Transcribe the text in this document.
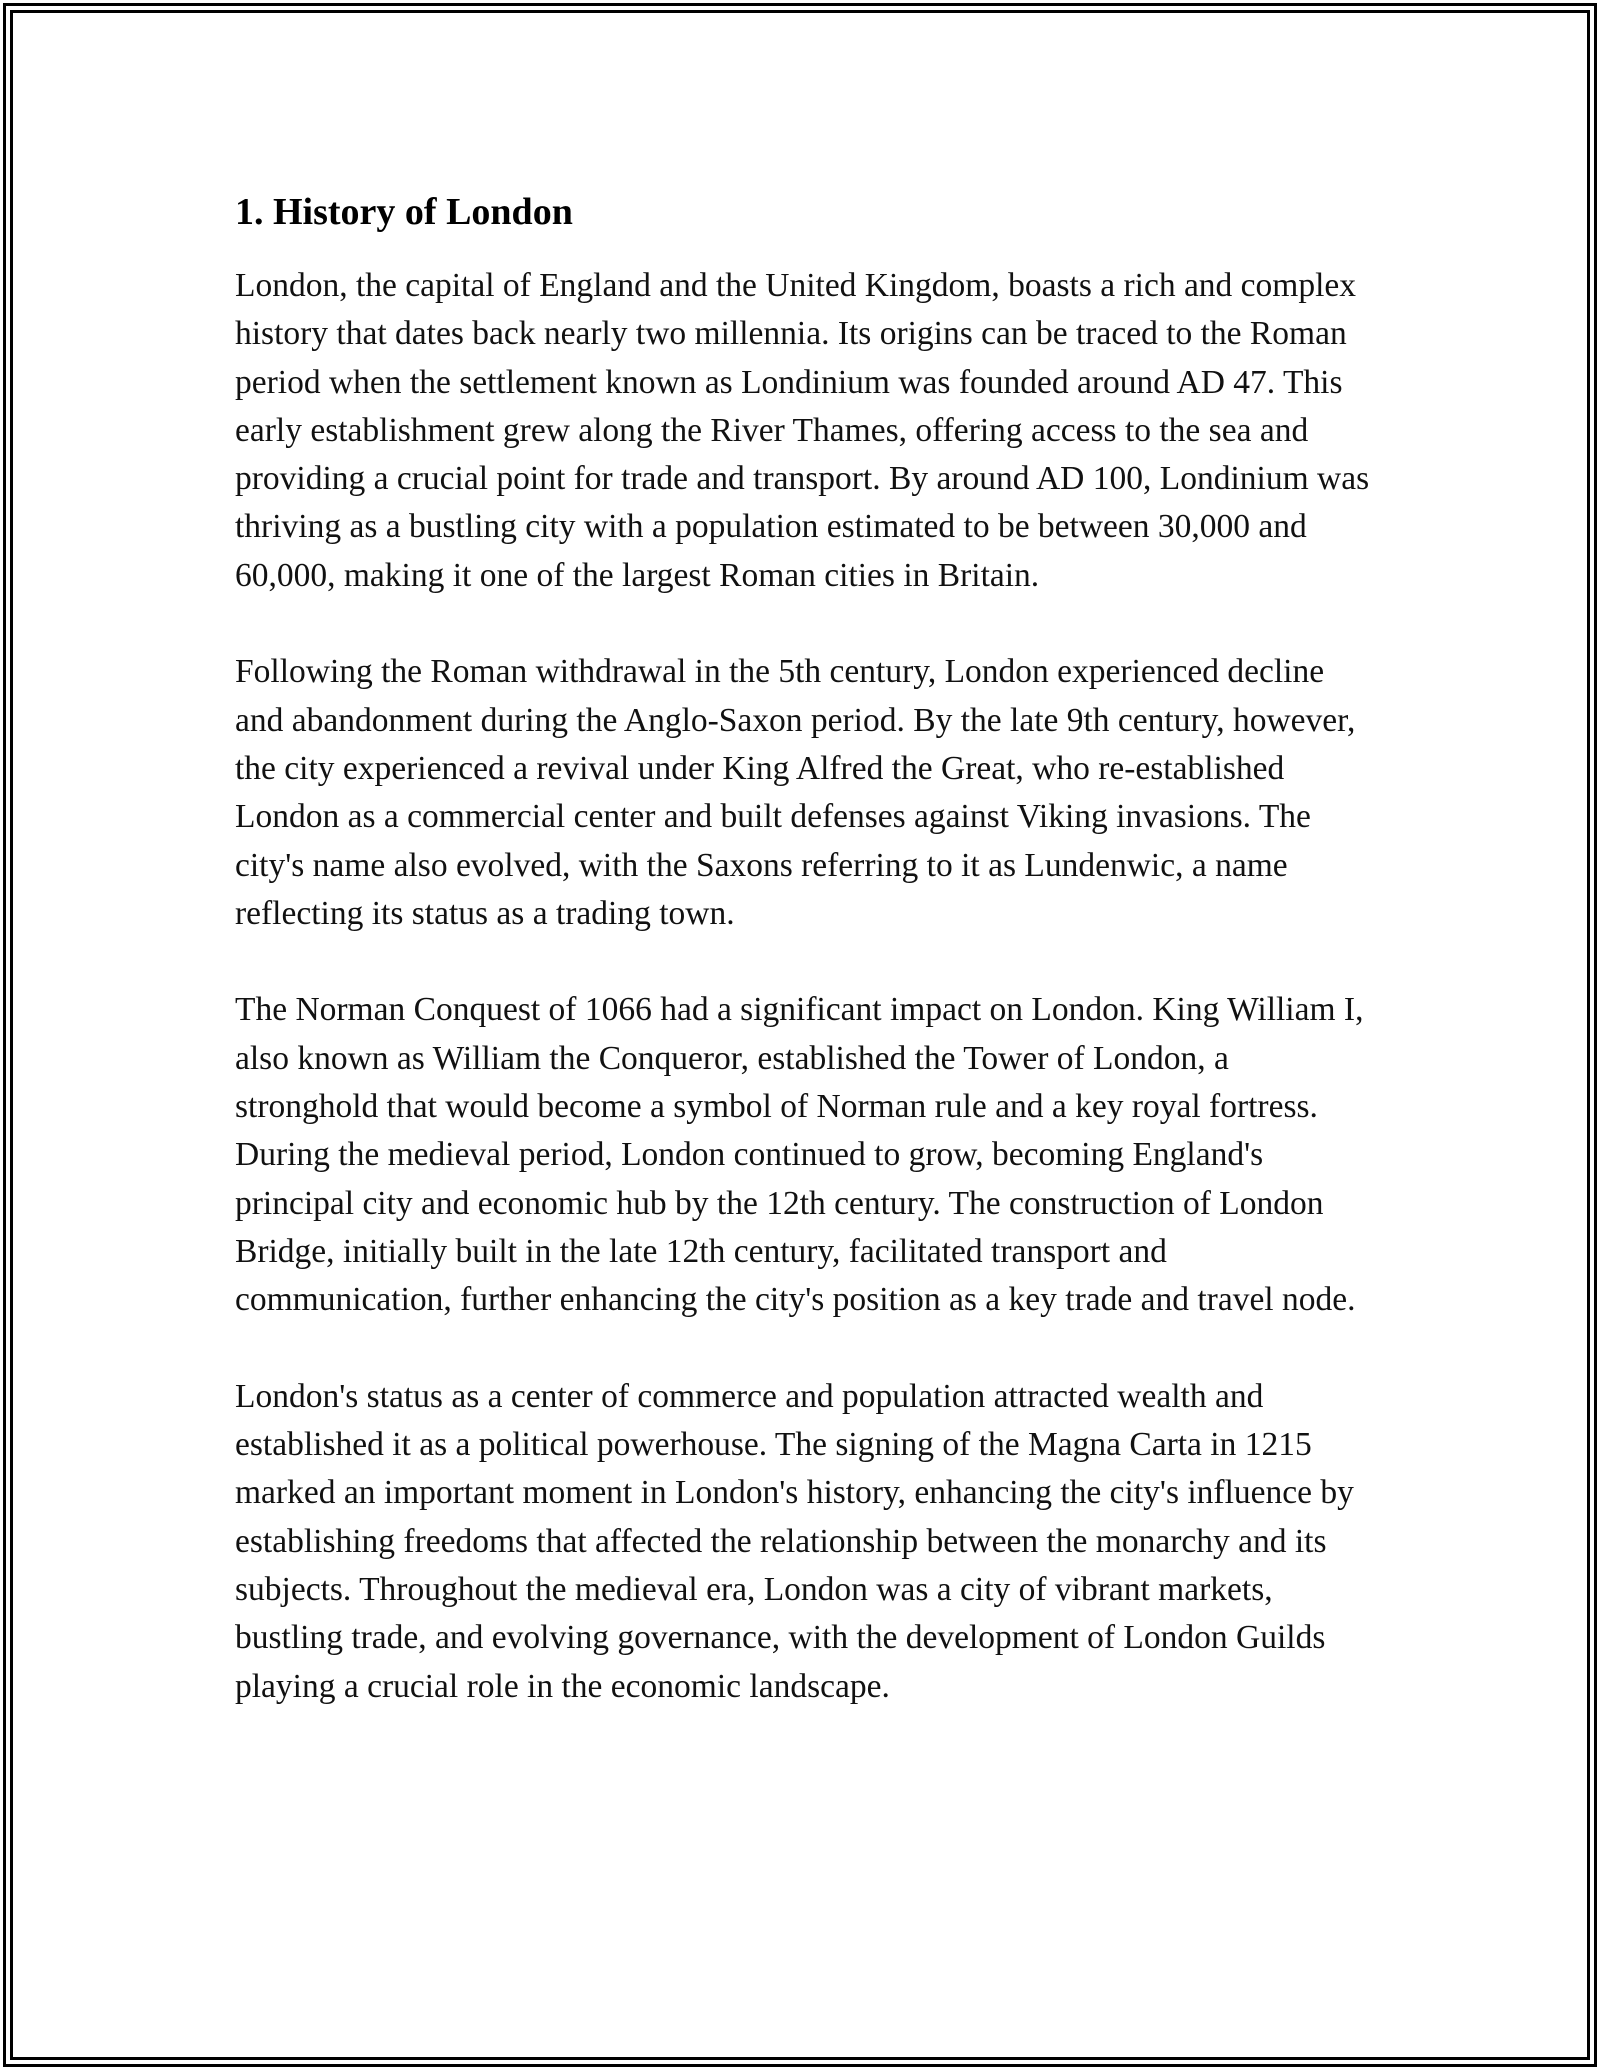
1. History of London

London, the capital of England and the United Kingdom, boasts a rich and complex history that dates back nearly two millennia. Its origins can be traced to the Roman period when the settlement known as Londinium was founded around AD 47. This early establishment grew along the River Thames, offering access to the sea and providing a crucial point for trade and transport. By around AD 100, Londinium was thriving as a bustling city with a population estimated to be between 30,000 and 60,000, making it one of the largest Roman cities in Britain.

Following the Roman withdrawal in the 5th century, London experienced decline and abandonment during the Anglo-Saxon period. By the late 9th century, however, the city experienced a revival under King Alfred the Great, who re-established London as a commercial center and built defenses against Viking invasions. The city's name also evolved, with the Saxons referring to it as Lundenwic, a name reflecting its status as a trading town.

The Norman Conquest of 1066 had a significant impact on London. King William I, also known as William the Conqueror, established the Tower of London, a stronghold that would become a symbol of Norman rule and a key royal fortress. During the medieval period, London continued to grow, becoming England's principal city and economic hub by the 12th century. The construction of London Bridge, initially built in the late 12th century, facilitated transport and communication, further enhancing the city's position as a key trade and travel node.

London's status as a center of commerce and population attracted wealth and established it as a political powerhouse. The signing of the Magna Carta in 1215 marked an important moment in London's history, enhancing the city's influence by establishing freedoms that affected the relationship between the monarchy and its subjects. Throughout the medieval era, London was a city of vibrant markets, bustling trade, and evolving governance, with the development of London Guilds playing a crucial role in the economic landscape.
